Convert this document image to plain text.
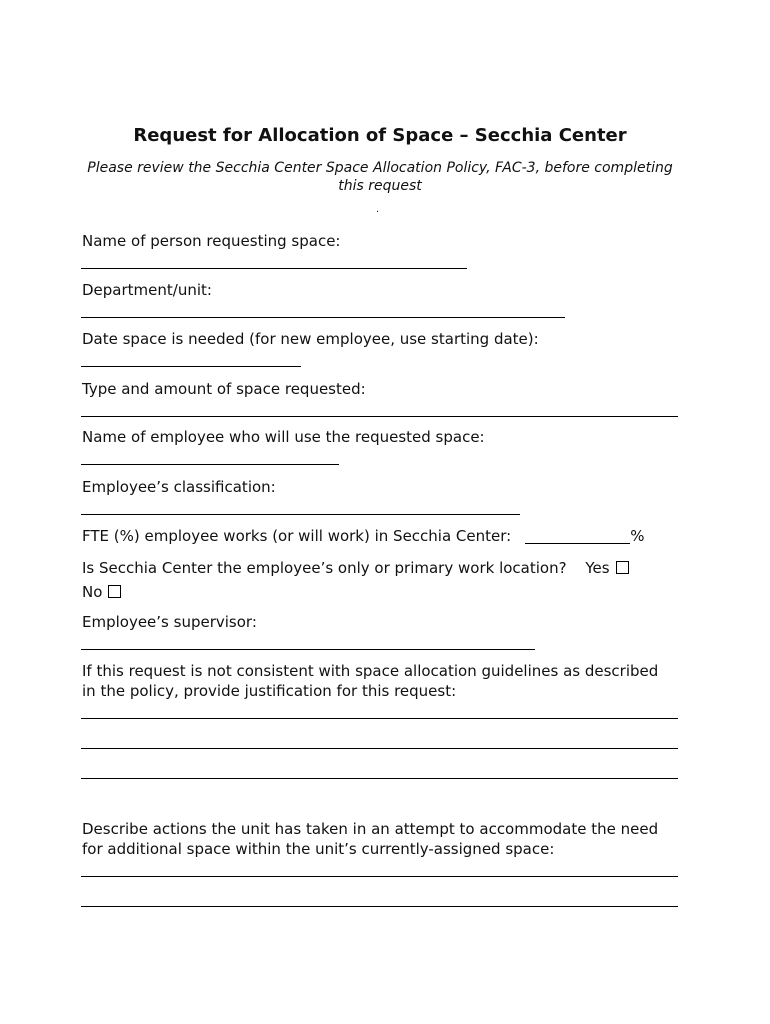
Request for Allocation of Space – Secchia Center
Please review the Secchia Center Space Allocation Policy, FAC-3, before completing this request
.
Name of person requesting space:
Department/unit:
Date space is needed (for new employee, use starting date):
Type and amount of space requested:
Name of employee who will use the requested space:
Employee’s classification:
FTE (%) employee works (or will work) in Secchia Center:	%
Is Secchia Center the employee’s only or primary work location? Yes
No
Employee’s supervisor:
If this request is not consistent with space allocation guidelines as described
in the policy, provide justification for this request:
Describe actions the unit has taken in an attempt to accommodate the need
for additional space within the unit’s currently-assigned space:
